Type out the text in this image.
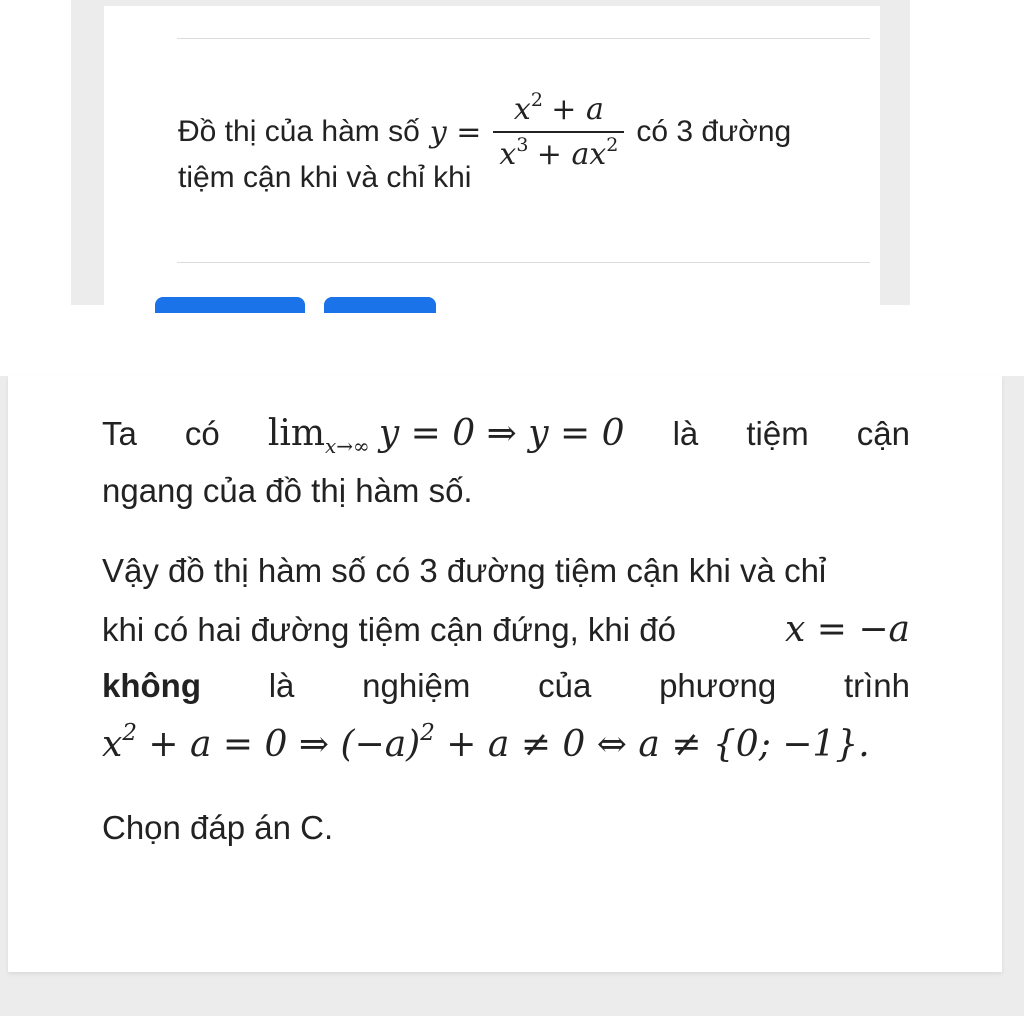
Đồ thị của hàm số $y = \frac{x^2 + a}{x^3 + ax^2}$ có 3 đường
tiệm cận khi và chỉ khi
Ta có $\lim_{x\to\infty} y = 0$ ⇒ y = 0 là tiệm cận
ngang của đồ thị hàm số.
Vậy đồ thị hàm số có 3 đường tiệm cận khi và chỉ
khi có hai đường tiệm cận đứng, khi đó	x = −a
không là nghiệm của phương trình
$x^2 + a = 0$ ⇒ $(-a)^2 + a \ne 0$ ⇔ a ≠ {0; −1}.
Chọn đáp án C.
